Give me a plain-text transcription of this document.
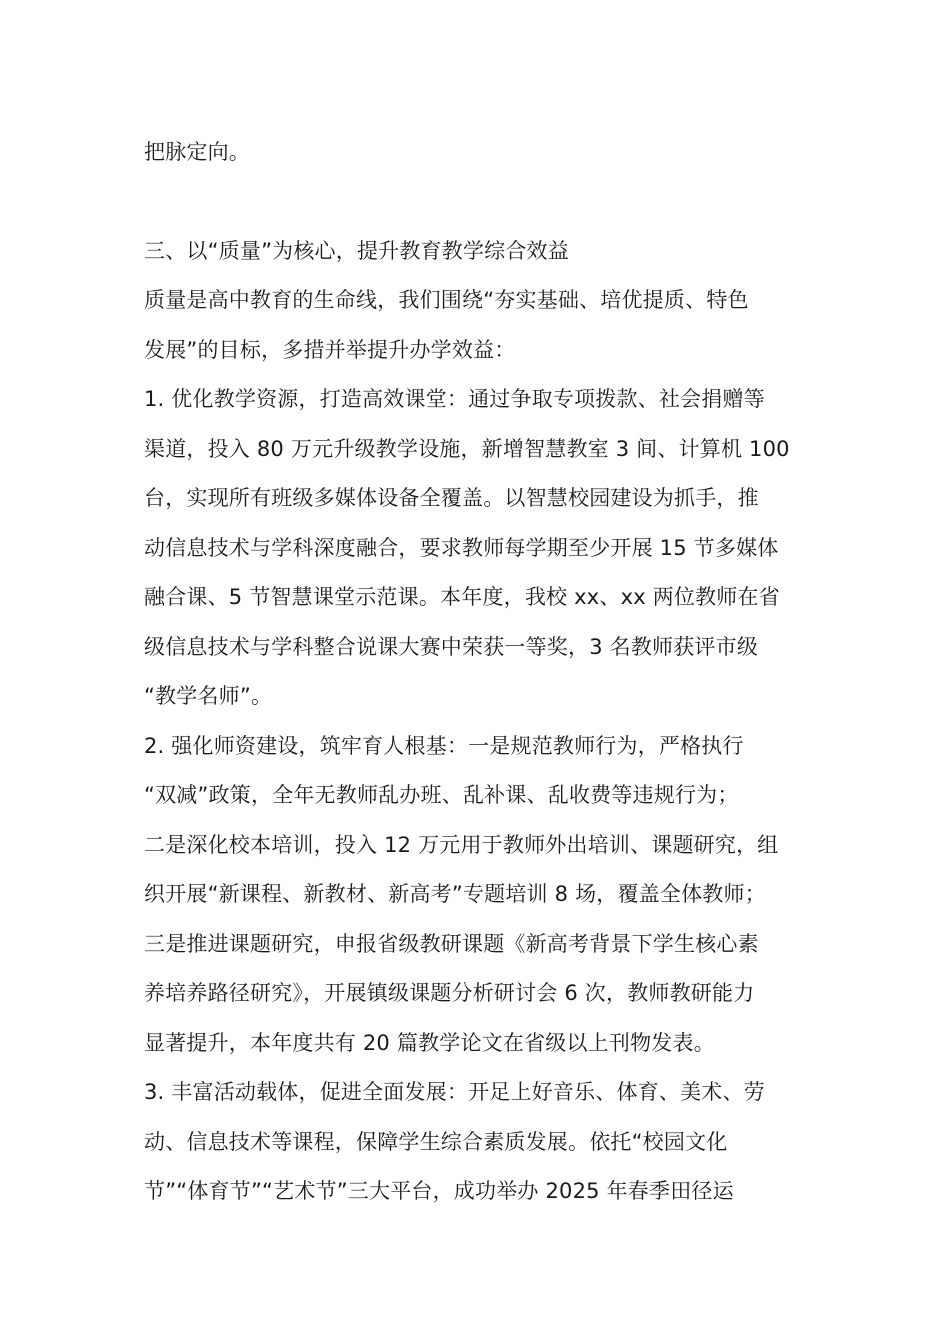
把脉定向。
三、以“质量”为核心，提升教育教学综合效益
质量是高中教育的生命线，我们围绕“夯实基础、培优提质、特色
发展”的目标，多措并举提升办学效益：
1. 优化教学资源，打造高效课堂：通过争取专项拨款、社会捐赠等
渠道，投入 80 万元升级教学设施，新增智慧教室 3 间、计算机 100
台，实现所有班级多媒体设备全覆盖。以智慧校园建设为抓手，推
动信息技术与学科深度融合，要求教师每学期至少开展 15 节多媒体
融合课、5 节智慧课堂示范课。本年度，我校 xx、xx 两位教师在省
级信息技术与学科整合说课大赛中荣获一等奖，3 名教师获评市级
“教学名师”。
2. 强化师资建设，筑牢育人根基：一是规范教师行为，严格执行
“双减”政策，全年无教师乱办班、乱补课、乱收费等违规行为；
二是深化校本培训，投入 12 万元用于教师外出培训、课题研究，组
织开展“新课程、新教材、新高考”专题培训 8 场，覆盖全体教师；
三是推进课题研究，申报省级教研课题《新高考背景下学生核心素
养培养路径研究》，开展镇级课题分析研讨会 6 次，教师教研能力
显著提升，本年度共有 20 篇教学论文在省级以上刊物发表。
3. 丰富活动载体，促进全面发展：开足上好音乐、体育、美术、劳
动、信息技术等课程，保障学生综合素质发展。依托“校园文化
节”“体育节”“艺术节”三大平台，成功举办 2025 年春季田径运
